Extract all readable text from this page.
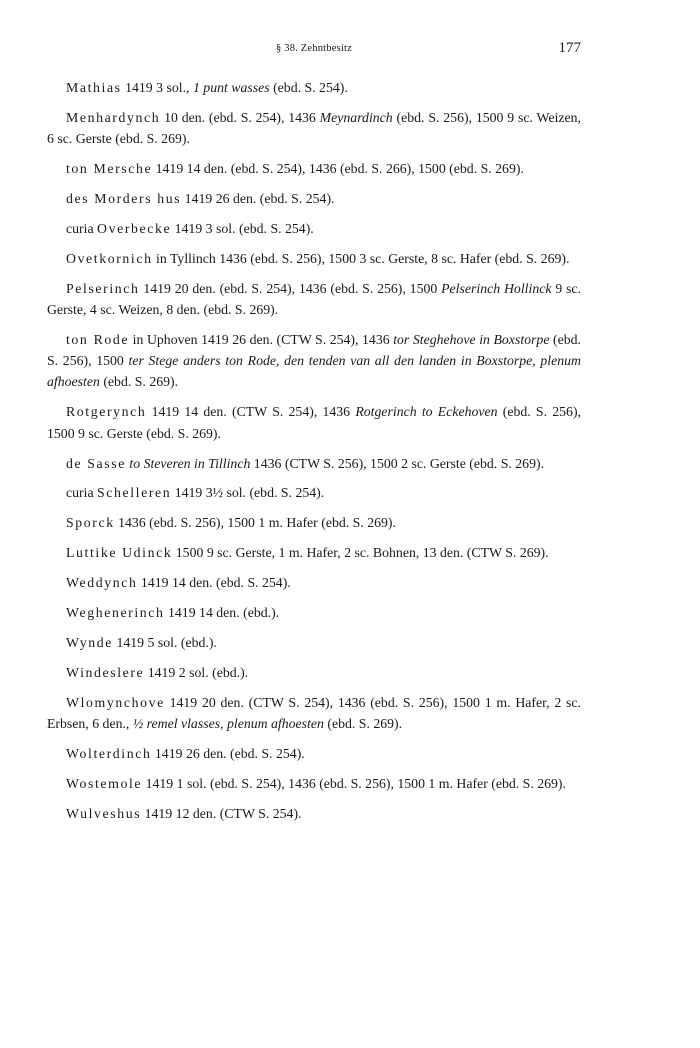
§ 38. Zehntbesitz	177

Mathias 1419 3 sol., 1 punt wasses (ebd. S. 254).

Menhardynch 10 den. (ebd. S. 254), 1436 Meynardinch (ebd. S. 256), 1500 9 sc. Weizen, 6 sc. Gerste (ebd. S. 269).

ton Mersche 1419 14 den. (ebd. S. 254), 1436 (ebd. S. 266), 1500 (ebd. S. 269).

des Morders hus 1419 26 den. (ebd. S. 254).

curia Overbecke 1419 3 sol. (ebd. S. 254).

Ovetkornich in Tyllinch 1436 (ebd. S. 256), 1500 3 sc. Gerste, 8 sc. Hafer (ebd. S. 269).

Pelserinch 1419 20 den. (ebd. S. 254), 1436 (ebd. S. 256), 1500 Pelserinch Hollinck 9 sc. Gerste, 4 sc. Weizen, 8 den. (ebd. S. 269).

ton Rode in Uphoven 1419 26 den. (CTW S. 254), 1436 tor Steghehove in Boxstorpe (ebd. S. 256), 1500 ter Stege anders ton Rode, den tenden van all den landen in Boxstorpe, plenum afhoesten (ebd. S. 269).

Rotgerynch 1419 14 den. (CTW S. 254), 1436 Rotgerinch to Eckehoven (ebd. S. 256), 1500 9 sc. Gerste (ebd. S. 269).

de Sasse to Steveren in Tillinch 1436 (CTW S. 256), 1500 2 sc. Gerste (ebd. S. 269).

curia Schelleren 1419 3½ sol. (ebd. S. 254).

Sporck 1436 (ebd. S. 256), 1500 1 m. Hafer (ebd. S. 269).

Luttike Udinck 1500 9 sc. Gerste, 1 m. Hafer, 2 sc. Bohnen, 13 den. (CTW S. 269).

Weddynch 1419 14 den. (ebd. S. 254).

Weghenerinch 1419 14 den. (ebd.).

Wynde 1419 5 sol. (ebd.).

Windeslere 1419 2 sol. (ebd.).

Wlomynchove 1419 20 den. (CTW S. 254), 1436 (ebd. S. 256), 1500 1 m. Hafer, 2 sc. Erbsen, 6 den., ½ remel vlasses, plenum afhoesten (ebd. S. 269).

Wolterdinch 1419 26 den. (ebd. S. 254).

Wostemole 1419 1 sol. (ebd. S. 254), 1436 (ebd. S. 256), 1500 1 m. Hafer (ebd. S. 269).

Wulveshus 1419 12 den. (CTW S. 254).
